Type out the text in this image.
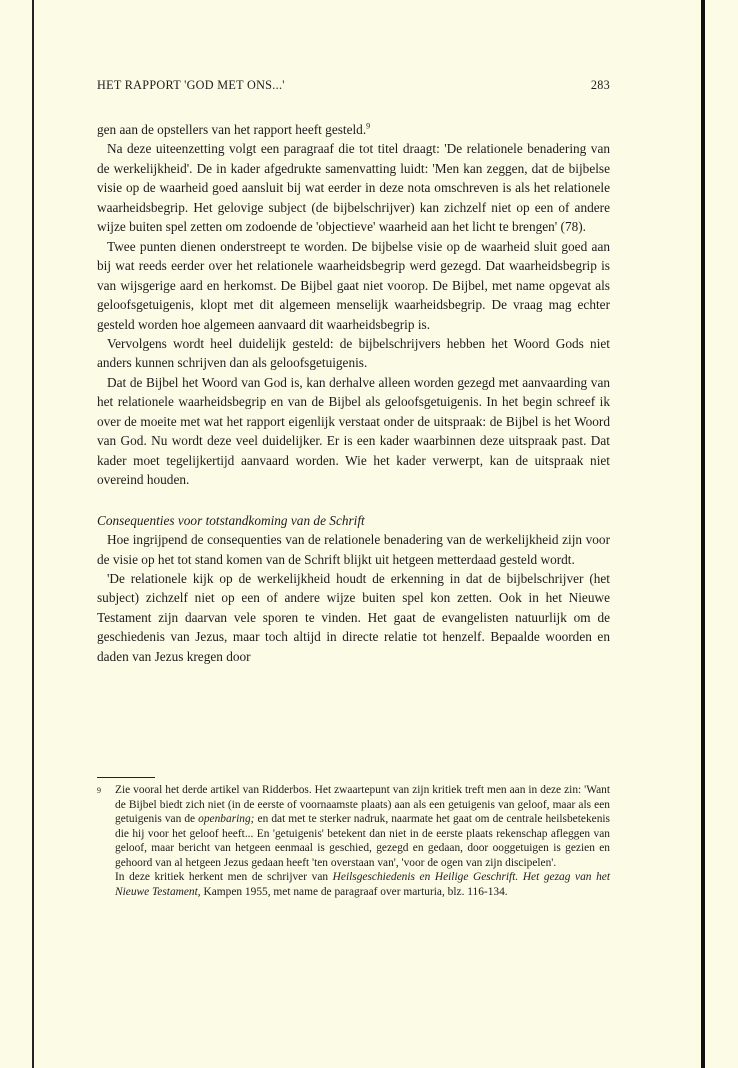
HET RAPPORT 'GOD MET ONS...'	283

gen aan de opstellers van het rapport heeft gesteld.$^9$

Na deze uiteenzetting volgt een paragraaf die tot titel draagt: 'De relationele benadering van de werkelijkheid'. De in kader afgedrukte samenvatting luidt: 'Men kan zeggen, dat de bijbelse visie op de waarheid goed aansluit bij wat eerder in deze nota omschreven is als het relationele waarheidsbegrip. Het gelovige subject (de bijbelschrijver) kan zichzelf niet op een of andere wijze buiten spel zetten om zodoende de 'objectieve' waarheid aan het licht te brengen' (78).

Twee punten dienen onderstreept te worden. De bijbelse visie op de waarheid sluit goed aan bij wat reeds eerder over het relationele waarheidsbegrip werd gezegd. Dat waarheidsbegrip is van wijsgerige aard en herkomst. De Bijbel gaat niet voorop. De Bijbel, met name opgevat als geloofsgetuigenis, klopt met dit algemeen menselijk waarheidsbegrip. De vraag mag echter gesteld worden hoe algemeen aanvaard dit waarheidsbegrip is.

Vervolgens wordt heel duidelijk gesteld: de bijbelschrijvers hebben het Woord Gods niet anders kunnen schrijven dan als geloofsgetuigenis.

Dat de Bijbel het Woord van God is, kan derhalve alleen worden gezegd met aanvaarding van het relationele waarheidsbegrip en van de Bijbel als geloofsgetuigenis. In het begin schreef ik over de moeite met wat het rapport eigenlijk verstaat onder de uitspraak: de Bijbel is het Woord van God. Nu wordt deze veel duidelijker. Er is een kader waarbinnen deze uitspraak past. Dat kader moet tegelijkertijd aanvaard worden. Wie het kader verwerpt, kan de uitspraak niet overeind houden.

Consequenties voor totstandkoming van de Schrift

Hoe ingrijpend de consequenties van de relationele benadering van de werkelijkheid zijn voor de visie op het tot stand komen van de Schrift blijkt uit hetgeen metterdaad gesteld wordt.

'De relationele kijk op de werkelijkheid houdt de erkenning in dat de bijbelschrijver (het subject) zichzelf niet op een of andere wijze buiten spel kon zetten. Ook in het Nieuwe Testament zijn daarvan vele sporen te vinden. Het gaat de evangelisten natuurlijk om de geschiedenis van Jezus, maar toch altijd in directe relatie tot henzelf. Bepaalde woorden en daden van Jezus kregen door

9	Zie vooral het derde artikel van Ridderbos. Het zwaartepunt van zijn kritiek treft men aan in deze zin: 'Want de Bijbel biedt zich niet (in de eerste of voornaamste plaats) aan als een getuigenis van geloof, maar als een getuigenis van de openbaring; en dat met te sterker nadruk, naarmate het gaat om de centrale heilsbetekenis die hij voor het geloof heeft... En 'getuigenis' betekent dan niet in de eerste plaats rekenschap afleggen van geloof, maar bericht van hetgeen eenmaal is geschied, gezegd en gedaan, door ooggetuigen is gezien en gehoord van al hetgeen Jezus gedaan heeft 'ten overstaan van', 'voor de ogen van zijn discipelen'.

In deze kritiek herkent men de schrijver van Heilsgeschiedenis en Heilige Geschrift. Het gezag van het Nieuwe Testament, Kampen 1955, met name de paragraaf over marturia, blz. 116-134.
